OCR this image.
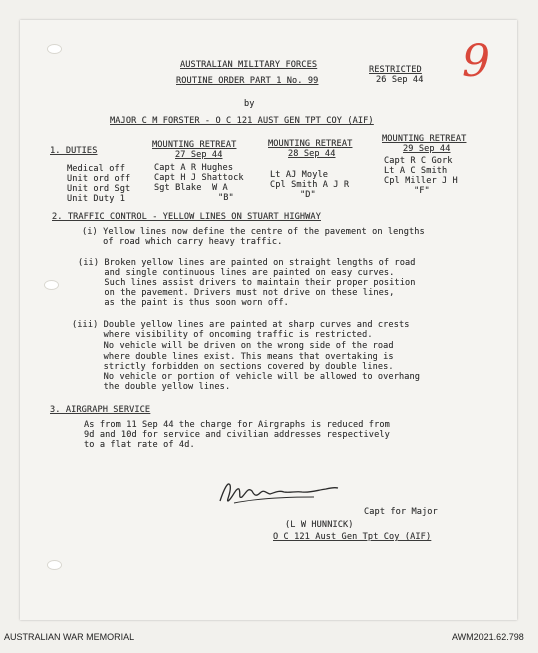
9
AUSTRALIAN MILITARY FORCES
ROUTINE ORDER PART 1 No. 99
RESTRICTED
26 Sep 44
by
MAJOR C M FORSTER - O C 121 AUST GEN TPT COY (AIF)
1. DUTIES
MOUNTING RETREAT
27 Sep 44
MOUNTING RETREAT
28 Sep 44
MOUNTING RETREAT
29 Sep 44
Medical off
Unit ord off
Unit ord Sgt
Unit Duty 1
Capt A R Hughes
Capt H J Shattock
Sgt Blake  W A
"B"
Lt AJ Moyle
Cpl Smith A J R
"D"
Capt R C Gork
Lt A C Smith
Cpl Miller J H
"F"
2. TRAFFIC CONTROL - YELLOW LINES ON STUART HIGHWAY
(i) Yellow lines now define the centre of the pavement on lengths
of road which carry heavy traffic.
(ii) Broken yellow lines are painted on straight lengths of road
and single continuous lines are painted on easy curves.
Such lines assist drivers to maintain their proper position
on the pavement. Drivers must not drive on these lines,
as the paint is thus soon worn off.
(iii) Double yellow lines are painted at sharp curves and crests
where visibility of oncoming traffic is restricted.
No vehicle will be driven on the wrong side of the road
where double lines exist. This means that overtaking is
strictly forbidden on sections covered by double lines.
No vehicle or portion of vehicle will be allowed to overhang
the double yellow lines.
3. AIRGRAPH SERVICE
As from 11 Sep 44 the charge for Airgraphs is reduced from
9d and 10d for service and civilian addresses respectively
to a flat rate of 4d.
Capt for Major
(L W HUNNICK)
O C 121 Aust Gen Tpt Coy (AIF)
AUSTRALIAN WAR MEMORIAL	AWM2021.62.798
